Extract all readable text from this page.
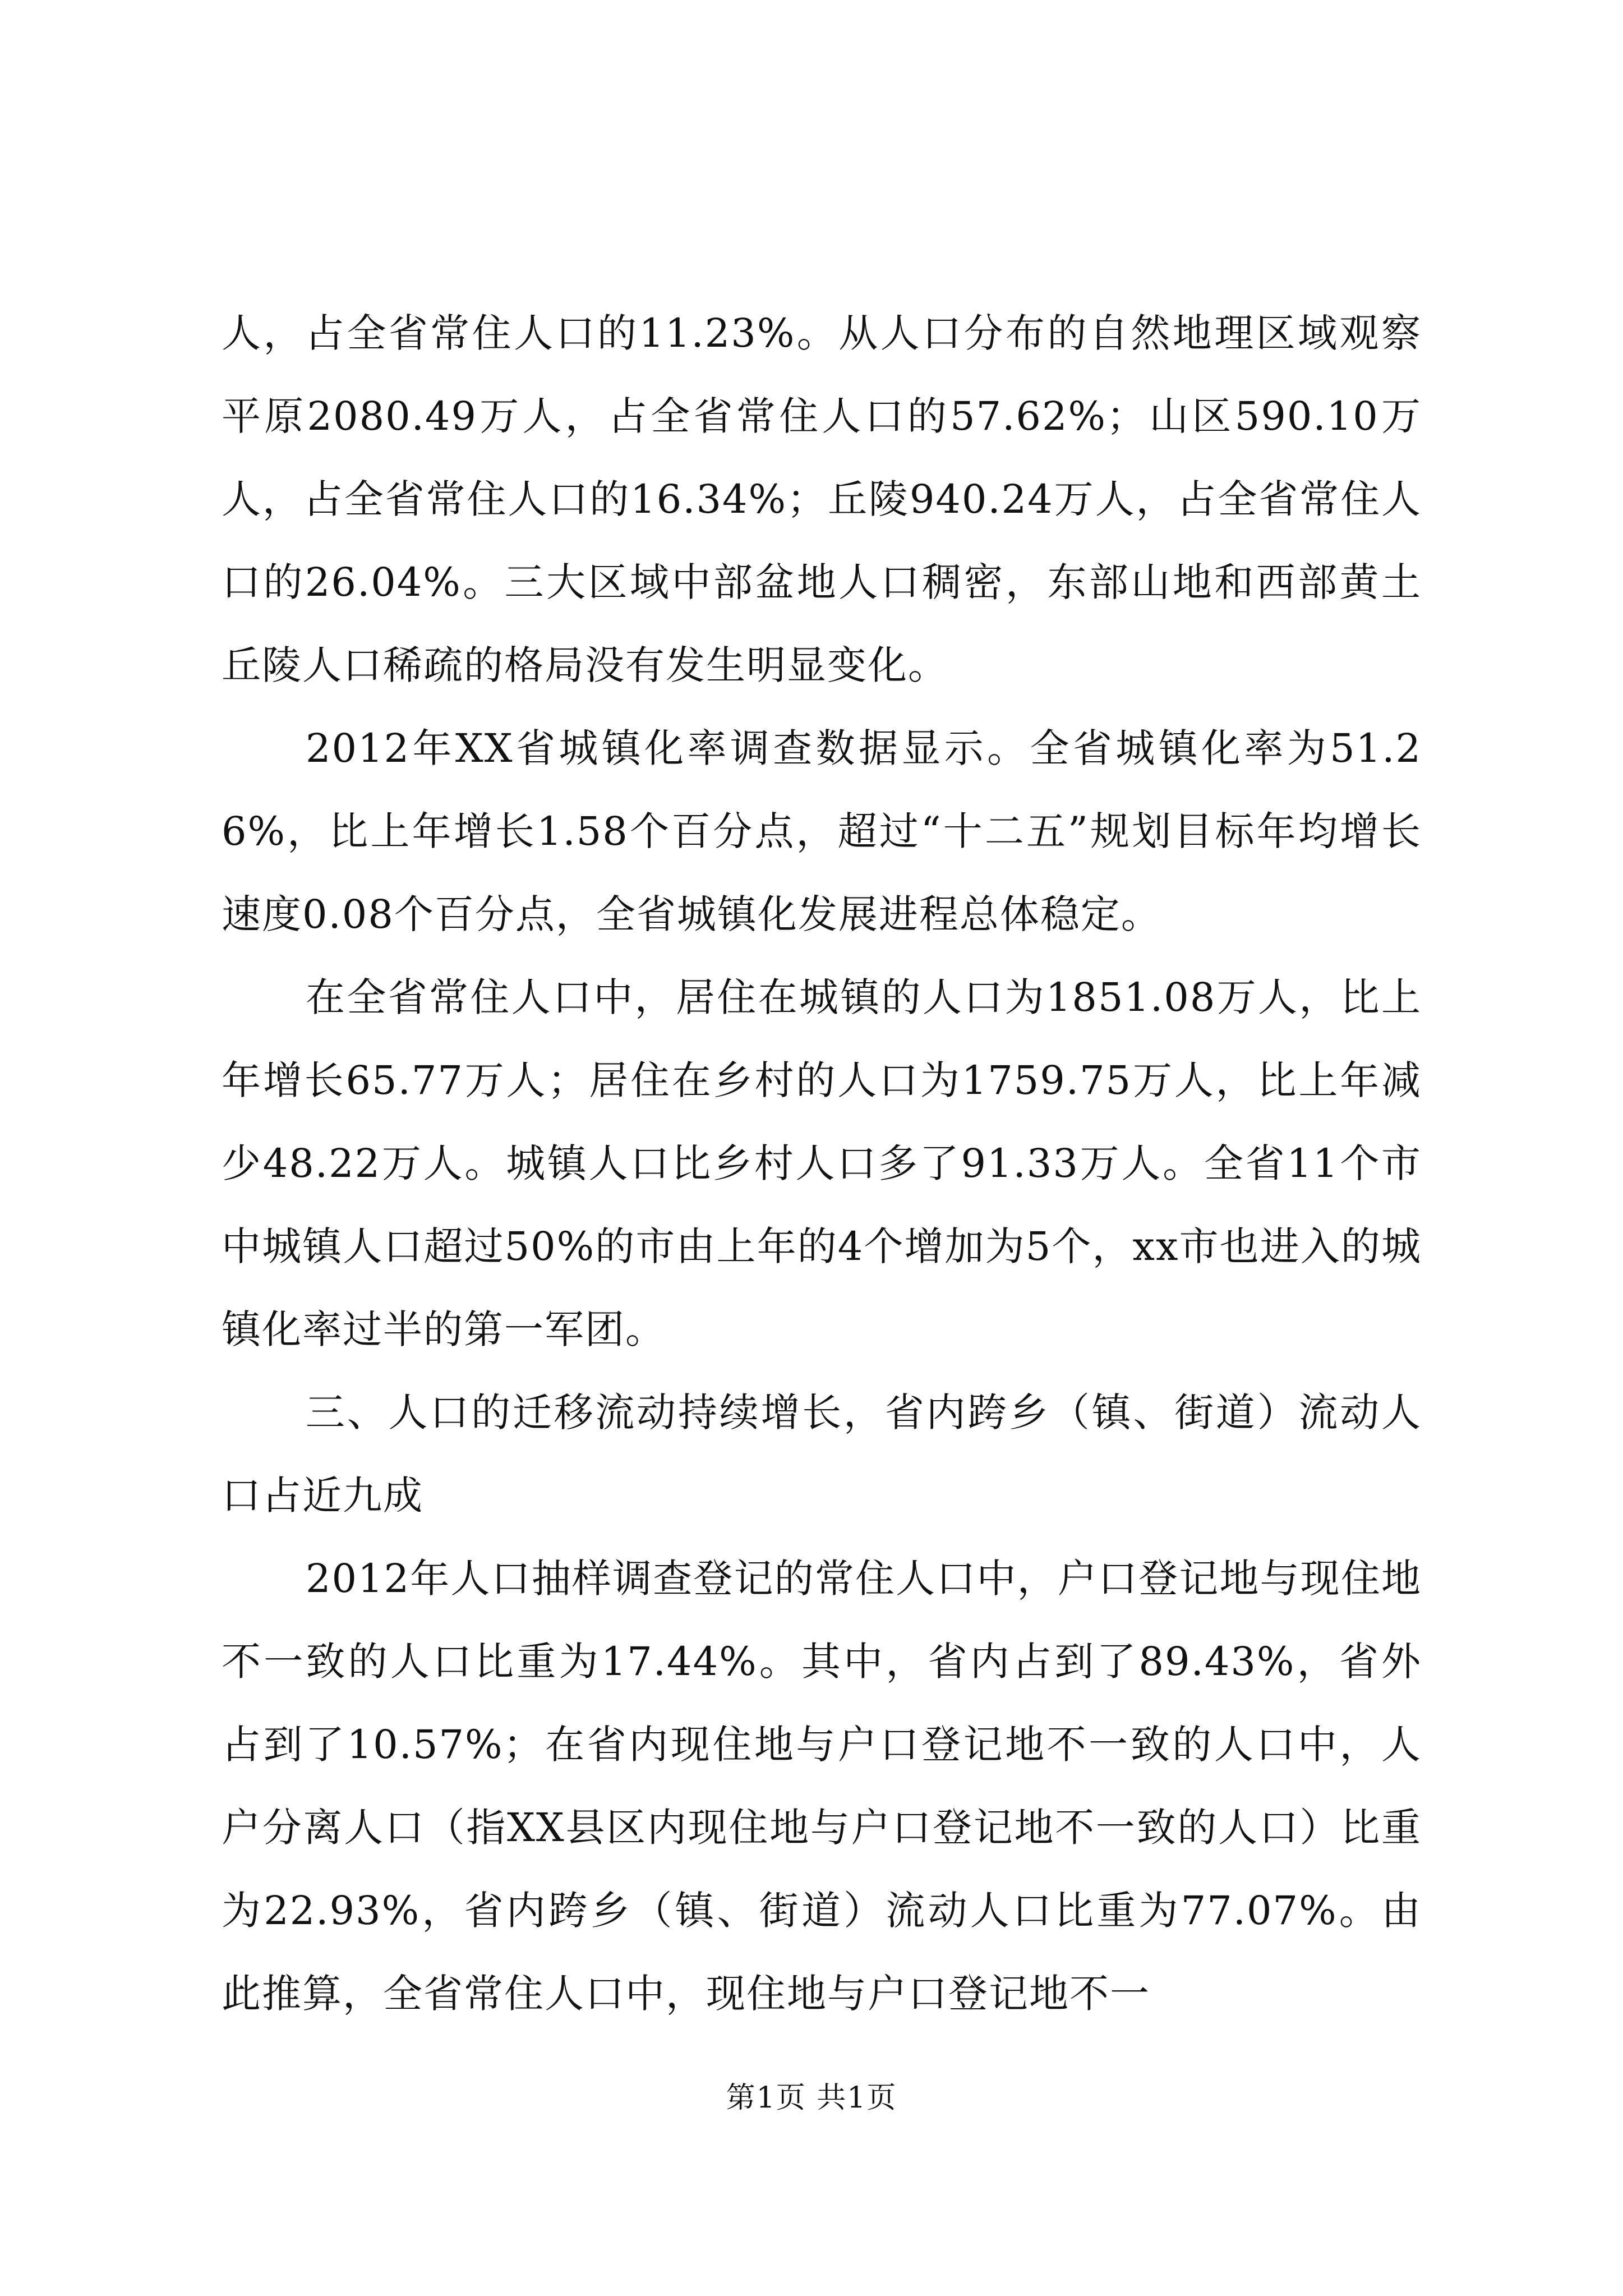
人，占全省常住人口的11.23%。从人口分布的自然地理区域观察平原2080.49万人，占全省常住人口的57.62%；山区590.10万人，占全省常住人口的16.34%；丘陵940.24万人，占全省常住人口的26.04%。三大区域中部盆地人口稠密，东部山地和西部黄土丘陵人口稀疏的格局没有发生明显变化。

2012年XX省城镇化率调查数据显示。全省城镇化率为51.26%，比上年增长1.58个百分点，超过“十二五”规划目标年均增长速度0.08个百分点，全省城镇化发展进程总体稳定。

在全省常住人口中，居住在城镇的人口为1851.08万人，比上年增长65.77万人；居住在乡村的人口为1759.75万人，比上年减少48.22万人。城镇人口比乡村人口多了91.33万人。全省11个市中城镇人口超过50%的市由上年的4个增加为5个，xx市也进入的城镇化率过半的第一军团。

三、人口的迁移流动持续增长，省内跨乡（镇、街道）流动人口占近九成

2012年人口抽样调查登记的常住人口中，户口登记地与现住地不一致的人口比重为17.44%。其中，省内占到了89.43%，省外占到了10.57%；在省内现住地与户口登记地不一致的人口中，人户分离人口（指XX县区内现住地与户口登记地不一致的人口）比重为22.93%，省内跨乡（镇、街道）流动人口比重为77.07%。由此推算，全省常住人口中，现住地与户口登记地不一

第1页 共1页
